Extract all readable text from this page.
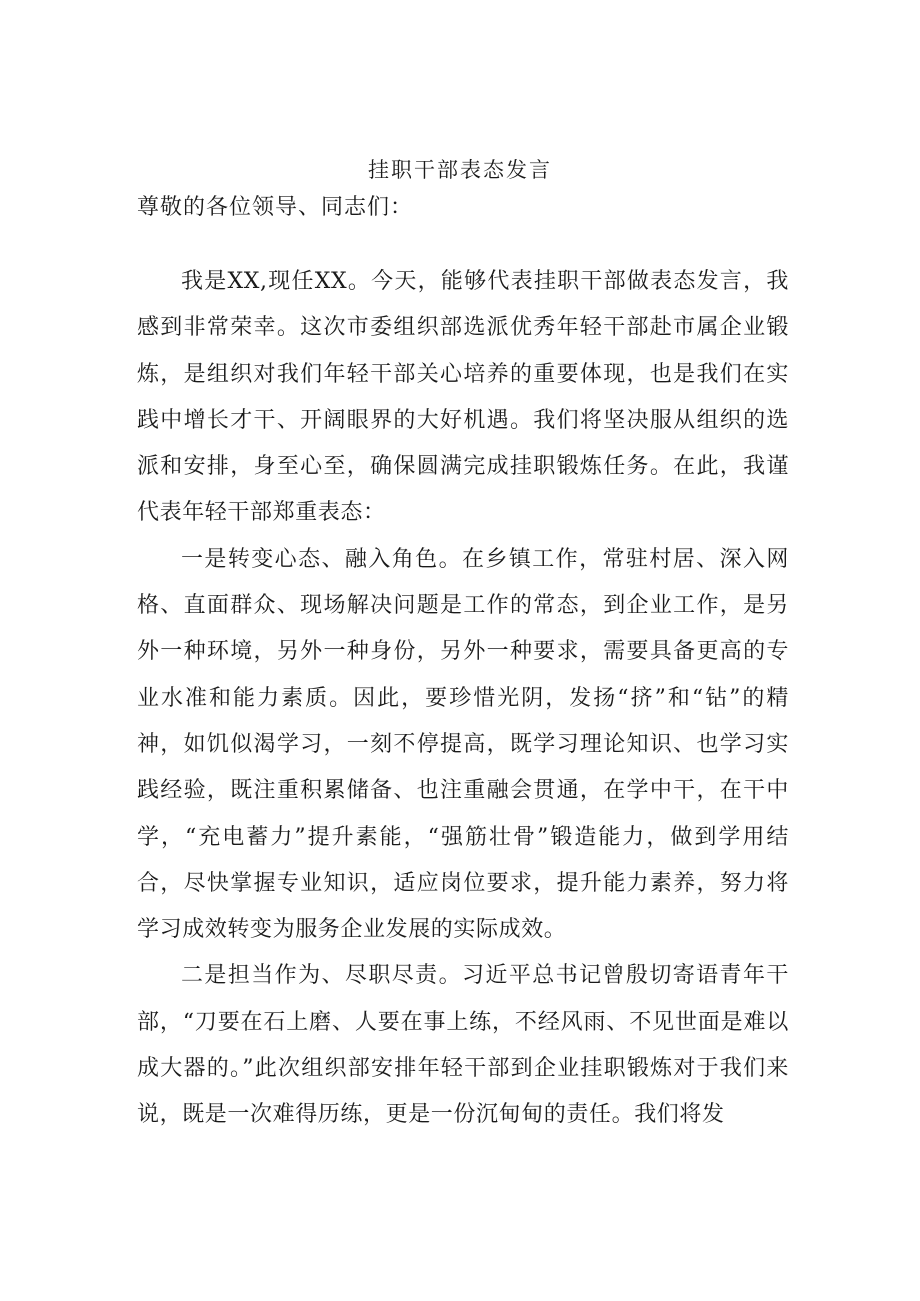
挂职干部表态发言
尊敬的各位领导、同志们：

我是XX,现任XX。今天，能够代表挂职干部做表态发言，我感到非常荣幸。这次市委组织部选派优秀年轻干部赴市属企业锻炼，是组织对我们年轻干部关心培养的重要体现，也是我们在实践中增长才干、开阔眼界的大好机遇。我们将坚决服从组织的选派和安排，身至心至，确保圆满完成挂职锻炼任务。在此，我谨代表年轻干部郑重表态：

一是转变心态、融入角色。在乡镇工作，常驻村居、深入网格、直面群众、现场解决问题是工作的常态，到企业工作，是另外一种环境，另外一种身份，另外一种要求，需要具备更高的专业水准和能力素质。因此，要珍惜光阴，发扬“挤”和“钻”的精神，如饥似渴学习，一刻不停提高，既学习理论知识、也学习实践经验，既注重积累储备、也注重融会贯通，在学中干，在干中学，“充电蓄力”提升素能，“强筋壮骨”锻造能力，做到学用结合，尽快掌握专业知识，适应岗位要求，提升能力素养，努力将学习成效转变为服务企业发展的实际成效。

二是担当作为、尽职尽责。习近平总书记曾殷切寄语青年干部，“刀要在石上磨、人要在事上练，不经风雨、不见世面是难以成大器的。”此次组织部安排年轻干部到企业挂职锻炼对于我们来说，既是一次难得历练，更是一份沉甸甸的责任。我们将发
